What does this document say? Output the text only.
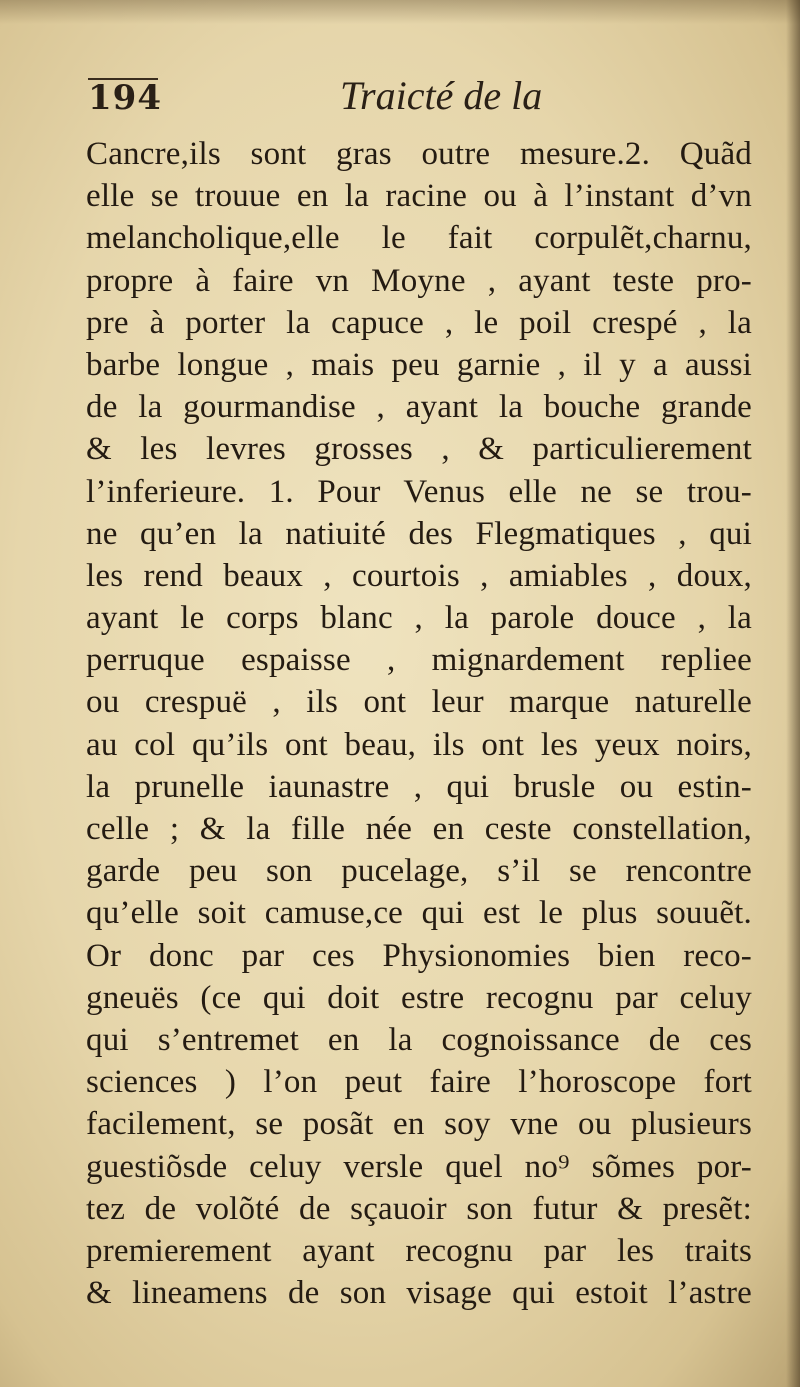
194	Traicté de la
Cancre,ils sont gras outre mesure.2. Quãd
elle se trouue en la racine ou à l’instant d’vn
melancholique,elle le fait corpulẽt,charnu,
propre à faire vn Moyne , ayant teste pro-
pre à porter la capuce , le poil crespé , la
barbe longue , mais peu garnie , il y a aussi
de la gourmandise , ayant la bouche grande
& les levres grosses , & particulierement
l’inferieure. 1. Pour Venus elle ne se trou-
ne qu’en la natiuité des Flegmatiques , qui
les rend beaux , courtois , amiables , doux,
ayant le corps blanc , la parole douce , la
perruque espaisse , mignardement repliee
ou crespuë , ils ont leur marque naturelle
au col qu’ils ont beau, ils ont les yeux noirs,
la prunelle iaunastre , qui brusle ou estin-
celle ; & la fille née en ceste constellation,
garde peu son pucelage, s’il se rencontre
qu’elle soit camuse,ce qui est le plus souuẽt.
Or donc par ces Physionomies bien reco-
gneuës (ce qui doit estre recognu par celuy
qui s’entremet en la cognoissance de ces
sciences ) l’on peut faire l’horoscope fort
facilement, se posãt en soy vne ou plusieurs
guestiõsde celuy versle quel no⁹ sõmes por-
tez de volõté de sçauoir son futur & presẽt:
premierement ayant recognu par les traits
& lineamens de son visage qui estoit l’astre
